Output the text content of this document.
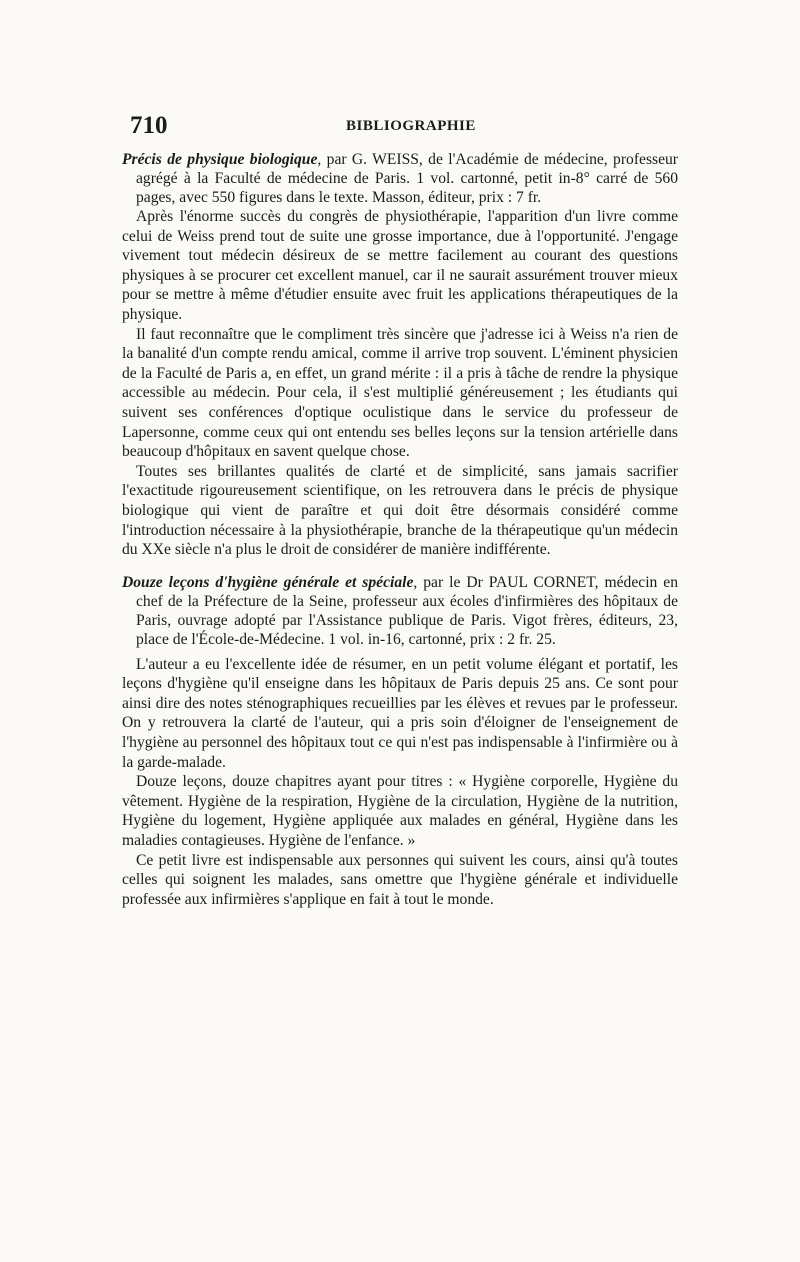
710	BIBLIOGRAPHIE

Précis de physique biologique, par G. WEISS, de l'Académie de médecine, professeur agrégé à la Faculté de médecine de Paris. 1 vol. cartonné, petit in-8° carré de 560 pages, avec 550 figures dans le texte. Masson, éditeur, prix : 7 fr.

Après l'énorme succès du congrès de physiothérapie, l'apparition d'un livre comme celui de Weiss prend tout de suite une grosse importance, due à l'opportunité. J'engage vivement tout médecin désireux de se mettre facilement au courant des questions physiques à se procurer cet excellent manuel, car il ne saurait assurément trouver mieux pour se mettre à même d'étudier ensuite avec fruit les applications thérapeutiques de la physique.

Il faut reconnaître que le compliment très sincère que j'adresse ici à Weiss n'a rien de la banalité d'un compte rendu amical, comme il arrive trop souvent. L'éminent physicien de la Faculté de Paris a, en effet, un grand mérite : il a pris à tâche de rendre la physique accessible au médecin. Pour cela, il s'est multiplié généreusement ; les étudiants qui suivent ses conférences d'optique oculistique dans le service du professeur de Lapersonne, comme ceux qui ont entendu ses belles leçons sur la tension artérielle dans beaucoup d'hôpitaux en savent quelque chose.

Toutes ses brillantes qualités de clarté et de simplicité, sans jamais sacrifier l'exactitude rigoureusement scientifique, on les retrouvera dans le précis de physique biologique qui vient de paraître et qui doit être désormais considéré comme l'introduction nécessaire à la physiothérapie, branche de la thérapeutique qu'un médecin du XXe siècle n'a plus le droit de considérer de manière indifférente.

Douze leçons d'hygiène générale et spéciale, par le Dr PAUL CORNET, médecin en chef de la Préfecture de la Seine, professeur aux écoles d'infirmières des hôpitaux de Paris, ouvrage adopté par l'Assistance publique de Paris. Vigot frères, éditeurs, 23, place de l'École-de-Médecine. 1 vol. in-16, cartonné, prix : 2 fr. 25.

L'auteur a eu l'excellente idée de résumer, en un petit volume élégant et portatif, les leçons d'hygiène qu'il enseigne dans les hôpitaux de Paris depuis 25 ans. Ce sont pour ainsi dire des notes sténographiques recueillies par les élèves et revues par le professeur. On y retrouvera la clarté de l'auteur, qui a pris soin d'éloigner de l'enseignement de l'hygiène au personnel des hôpitaux tout ce qui n'est pas indispensable à l'infirmière ou à la garde-malade.

Douze leçons, douze chapitres ayant pour titres : « Hygiène corporelle, Hygiène du vêtement. Hygiène de la respiration, Hygiène de la circulation, Hygiène de la nutrition, Hygiène du logement, Hygiène appliquée aux malades en général, Hygiène dans les maladies contagieuses. Hygiène de l'enfance. »

Ce petit livre est indispensable aux personnes qui suivent les cours, ainsi qu'à toutes celles qui soignent les malades, sans omettre que l'hygiène générale et individuelle professée aux infirmières s'applique en fait à tout le monde.
